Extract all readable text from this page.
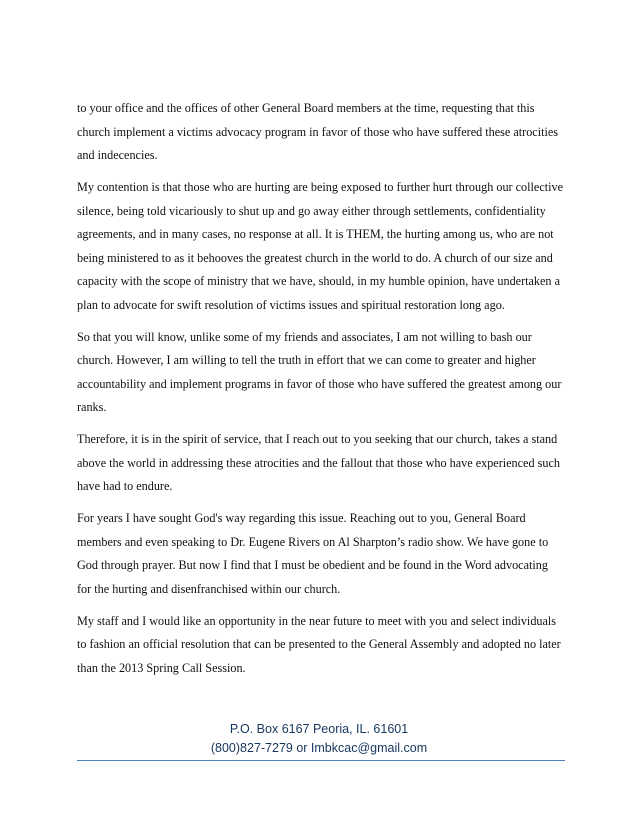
to your office and the offices of other General Board members at the time, requesting that this church implement a victims advocacy program in favor of those who have suffered these atrocities and indecencies.

My contention is that those who are hurting are being exposed to further hurt through our collective silence, being told vicariously to shut up and go away either through settlements, confidentiality agreements, and in many cases, no response at all. It is THEM, the hurting among us, who are not being ministered to as it behooves the greatest church in the world to do. A church of our size and capacity with the scope of ministry that we have, should, in my humble opinion, have undertaken a plan to advocate for swift resolution of victims issues and spiritual restoration long ago.

So that you will know, unlike some of my friends and associates, I am not willing to bash our church. However, I am willing to tell the truth in effort that we can come to greater and higher accountability and implement programs in favor of those who have suffered the greatest among our ranks.

Therefore, it is in the spirit of service, that I reach out to you seeking that our church, takes a stand above the world in addressing these atrocities and the fallout that those who have experienced such have had to endure.

For years I have sought God's way regarding this issue. Reaching out to you, General Board members and even speaking to Dr. Eugene Rivers on Al Sharpton’s radio show. We have gone to God through prayer. But now I find that I must be obedient and be found in the Word advocating for the hurting and disenfranchised within our church.

My staff and I would like an opportunity in the near future to meet with you and select individuals to fashion an official resolution that can be presented to the General Assembly and adopted no later than the 2013 Spring Call Session.

P.O. Box 6167 Peoria, IL. 61601
(800)827-7279 or Imbkcac@gmail.com
